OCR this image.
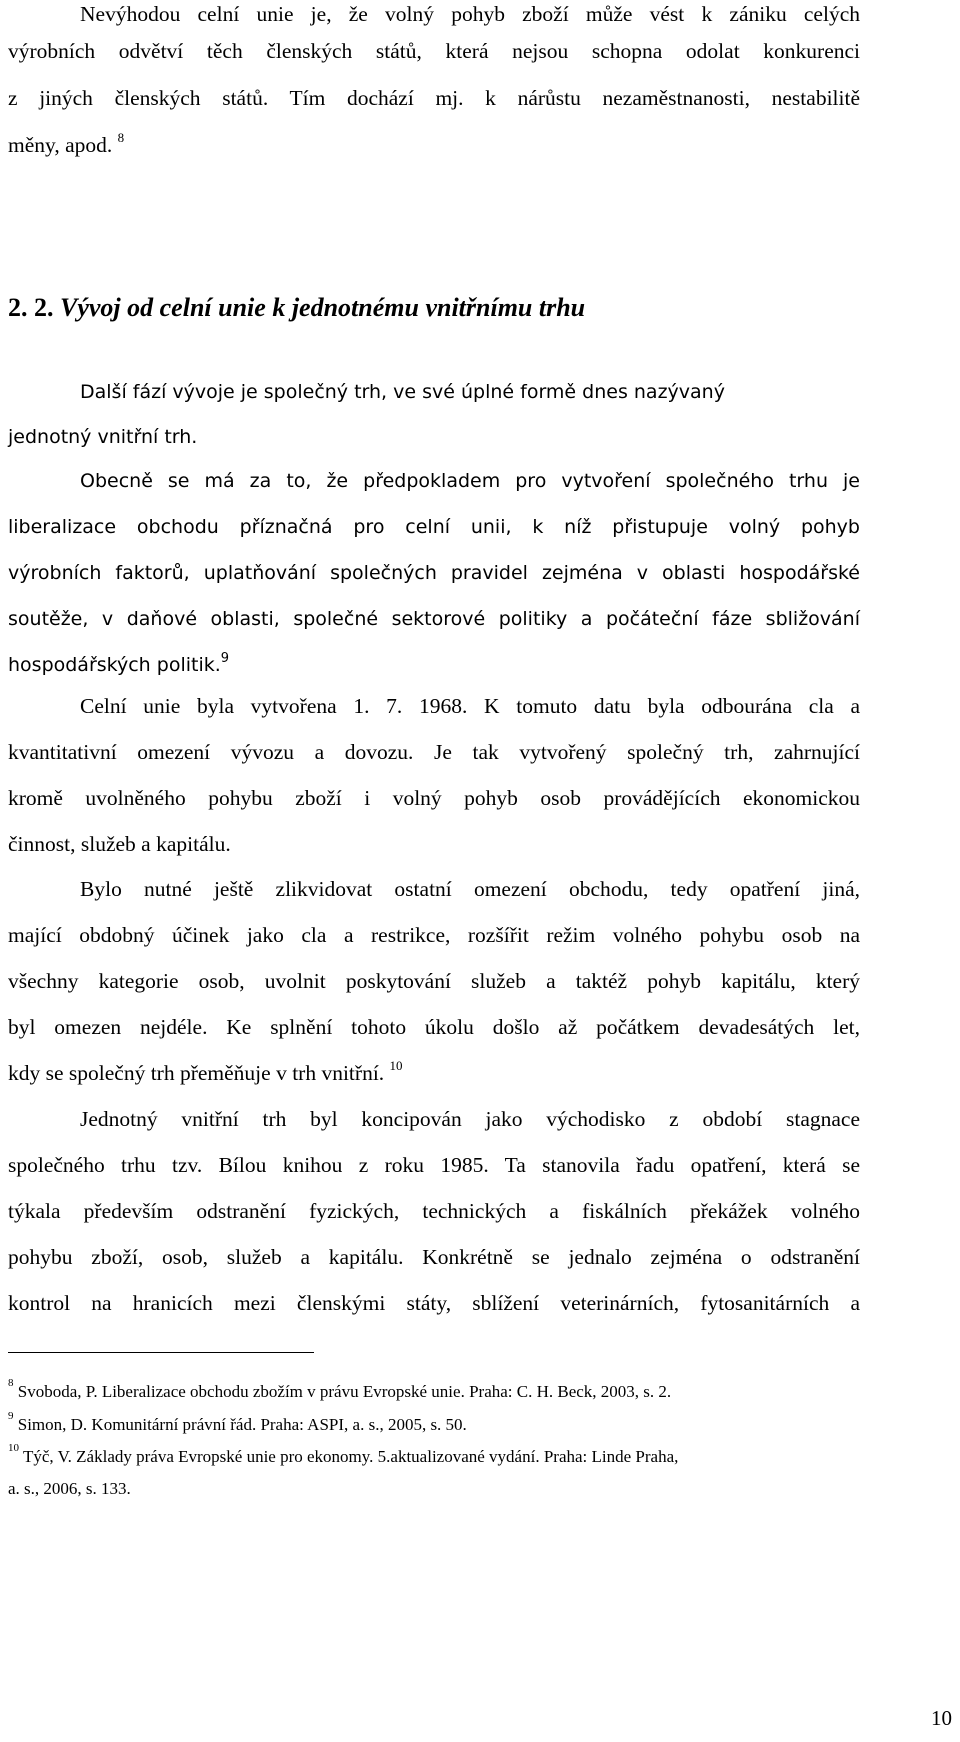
Nevýhodou celní unie je, že volný pohyb zboží může vést k zániku celých
výrobních odvětví těch členských států, která nejsou schopna odolat konkurenci
z jiných členských států. Tím dochází mj. k nárůstu nezaměstnanosti, nestabilitě
měny, apod. $^8$
2. 2. Vývoj od celní unie k jednotnému vnitřnímu trhu
Další fází vývoje je společný trh, ve své úplné formě dnes nazývaný
jednotný vnitřní trh.
Obecně se má za to, že předpokladem pro vytvoření společného trhu je
liberalizace obchodu příznačná pro celní unii, k níž přistupuje volný pohyb
výrobních faktorů, uplatňování společných pravidel zejména v oblasti hospodářské
soutěže, v daňové oblasti, společné sektorové politiky a počáteční fáze sbližování
hospodářských politik.$^9$
Celní unie byla vytvořena 1. 7. 1968. K tomuto datu byla odbourána cla a
kvantitativní omezení vývozu a dovozu. Je tak vytvořený společný trh, zahrnující
kromě uvolněného pohybu zboží i volný pohyb osob provádějících ekonomickou
činnost, služeb a kapitálu.
Bylo nutné ještě zlikvidovat ostatní omezení obchodu, tedy opatření jiná,
mající obdobný účinek jako cla a restrikce, rozšířit režim volného pohybu osob na
všechny kategorie osob, uvolnit poskytování služeb a taktéž pohyb kapitálu, který
byl omezen nejdéle. Ke splnění tohoto úkolu došlo až počátkem devadesátých let,
kdy se společný trh přeměňuje v trh vnitřní. $^{10}$
Jednotný vnitřní trh byl koncipován jako východisko z období stagnace
společného trhu tzv. Bílou knihou z roku 1985. Ta stanovila řadu opatření, která se
týkala především odstranění fyzických, technických a fiskálních překážek volného
pohybu zboží, osob, služeb a kapitálu. Konkrétně se jednalo zejména o odstranění
kontrol na hranicích mezi členskými státy, sblížení veterinárních, fytosanitárních a
$^8$ Svoboda, P. Liberalizace obchodu zbožím v právu Evropské unie. Praha: C. H. Beck, 2003, s. 2.
$^9$ Simon, D. Komunitární právní řád. Praha: ASPI, a. s., 2005, s. 50.
$^{10}$ Týč, V. Základy práva Evropské unie pro ekonomy. 5.aktualizované vydání. Praha: Linde Praha,
a. s., 2006, s. 133.
10
